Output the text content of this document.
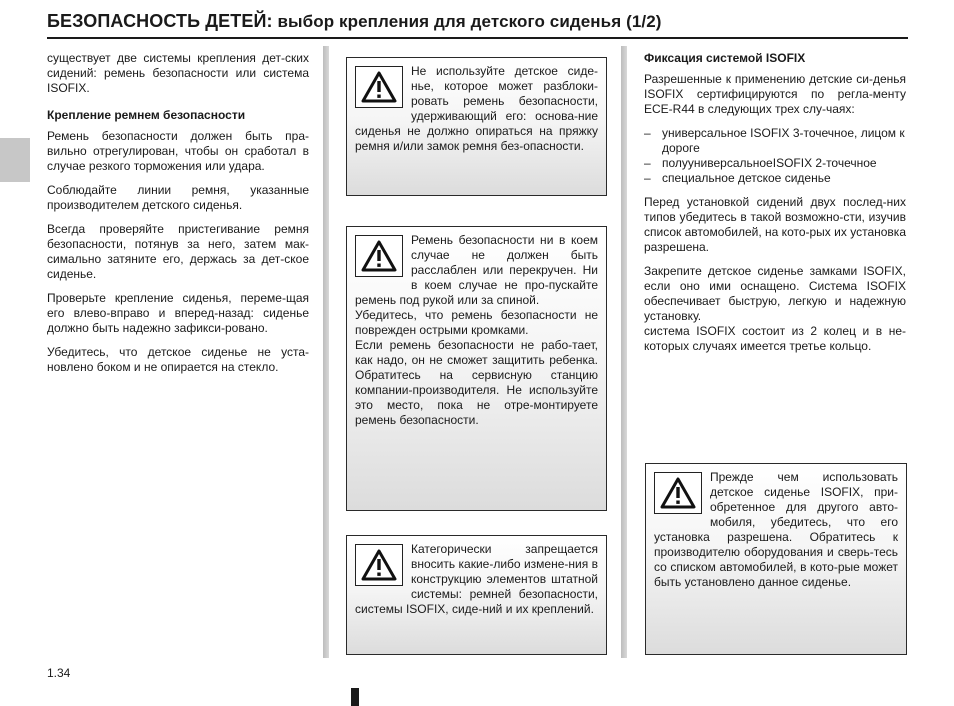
БЕЗОПАСНОСТЬ ДЕТЕЙ: выбор крепления для детского сиденья (1/2)

существует две системы крепления дет-ских сидений: ремень безопасности или система ISOFIX.

Крепление ремнем безопасности

Ремень безопасности должен быть пра-вильно отрегулирован, чтобы он сработал в случае резкого торможения или удара.

Соблюдайте линии ремня, указанные производителем детского сиденья.

Всегда проверяйте пристегивание ремня безопасности, потянув за него, затем мак-симально затяните его, держась за дет-ское сиденье.

Проверьте крепление сиденья, переме-щая его влево-вправо и вперед-назад: сиденье должно быть надежно зафикси-ровано.

Убедитесь, что детское сиденье не уста-новлено боком и не опирается на стекло.

Не используйте детское сиде-нье, которое может разблоки-ровать ремень безопасности, удерживающий его: основа-ние сиденья не должно опираться на пряжку ремня и/или замок ремня без-опасности.

Ремень безопасности ни в коем случае не должен быть расслаблен или перекручен. Ни в коем случае не про-пускайте ремень под рукой или за спиной.

Убедитесь, что ремень безопасности не поврежден острыми кромками.

Если ремень безопасности не рабо-тает, как надо, он не сможет защитить ребенка. Обратитесь на сервисную станцию компании-производителя. Не используйте это место, пока не отре-монтируете ремень безопасности.

Категорически запрещается вносить какие-либо измене-ния в конструкцию элементов штатной системы: ремней безопасности, системы ISOFIX, сиде-ний и их креплений.

Фиксация системой ISOFIX

Разрешенные к применению детские си-денья ISOFIX сертифицируются по регла-менту ECE-R44 в следующих трех слу-чаях:

– универсальное ISOFIX 3-точечное, лицом к дороге
– полууниверсальноеISOFIX 2-точечное
– специальное детское сиденье

Перед установкой сидений двух послед-них типов убедитесь в такой возможно-сти, изучив список автомобилей, на кото-рых их установка разрешена.

Закрепите детское сиденье замками ISOFIX, если оно ими оснащено. Система ISOFIX обеспечивает быструю, легкую и надежную установку.

система ISOFIX состоит из 2 колец и в не-которых случаях имеется третье кольцо.

Прежде чем использовать детское сиденье ISOFIX, при-обретенное для другого авто-мобиля, убедитесь, что его установка разрешена. Обратитесь к производителю оборудования и сверь-тесь со списком автомобилей, в кото-рые может быть установлено данное сиденье.

1.34
